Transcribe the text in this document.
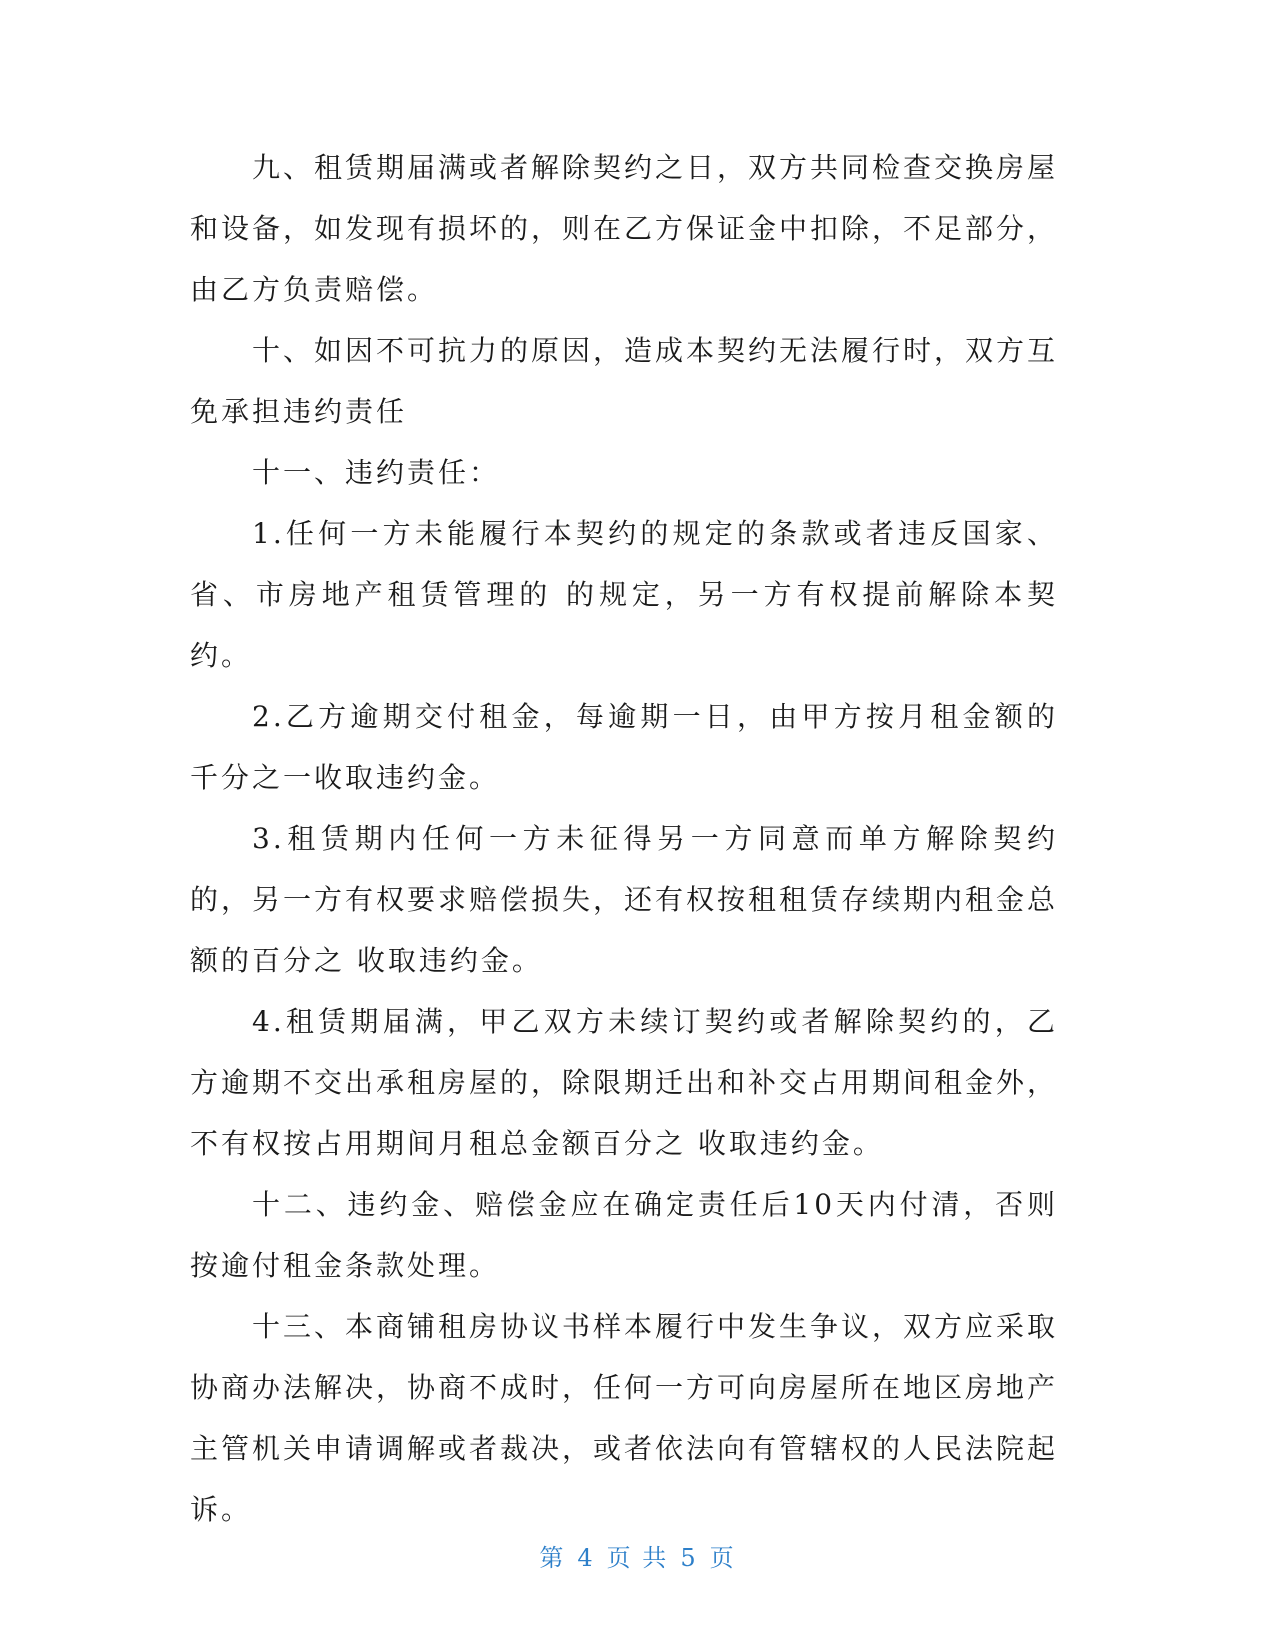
九、租赁期届满或者解除契约之日，双方共同检查交换房屋和设备，如发现有损坏的，则在乙方保证金中扣除，不足部分，由乙方负责赔偿。

十、如因不可抗力的原因，造成本契约无法履行时，双方互免承担违约责任

十一、违约责任：

1.任何一方未能履行本契约的规定的条款或者违反国家、省、市房地产租赁管理的 的规定，另一方有权提前解除本契约。

2.乙方逾期交付租金，每逾期一日，由甲方按月租金额的千分之一收取违约金。

3.租赁期内任何一方未征得另一方同意而单方解除契约的，另一方有权要求赔偿损失，还有权按租租赁存续期内租金总额的百分之 收取违约金。

4.租赁期届满，甲乙双方未续订契约或者解除契约的，乙方逾期不交出承租房屋的，除限期迁出和补交占用期间租金外，不有权按占用期间月租总金额百分之 收取违约金。

十二、违约金、赔偿金应在确定责任后10天内付清，否则按逾付租金条款处理。

十三、本商铺租房协议书样本履行中发生争议，双方应采取协商办法解决，协商不成时，任何一方可向房屋所在地区房地产主管机关申请调解或者裁决，或者依法向有管辖权的人民法院起诉。

第 4 页 共 5 页
